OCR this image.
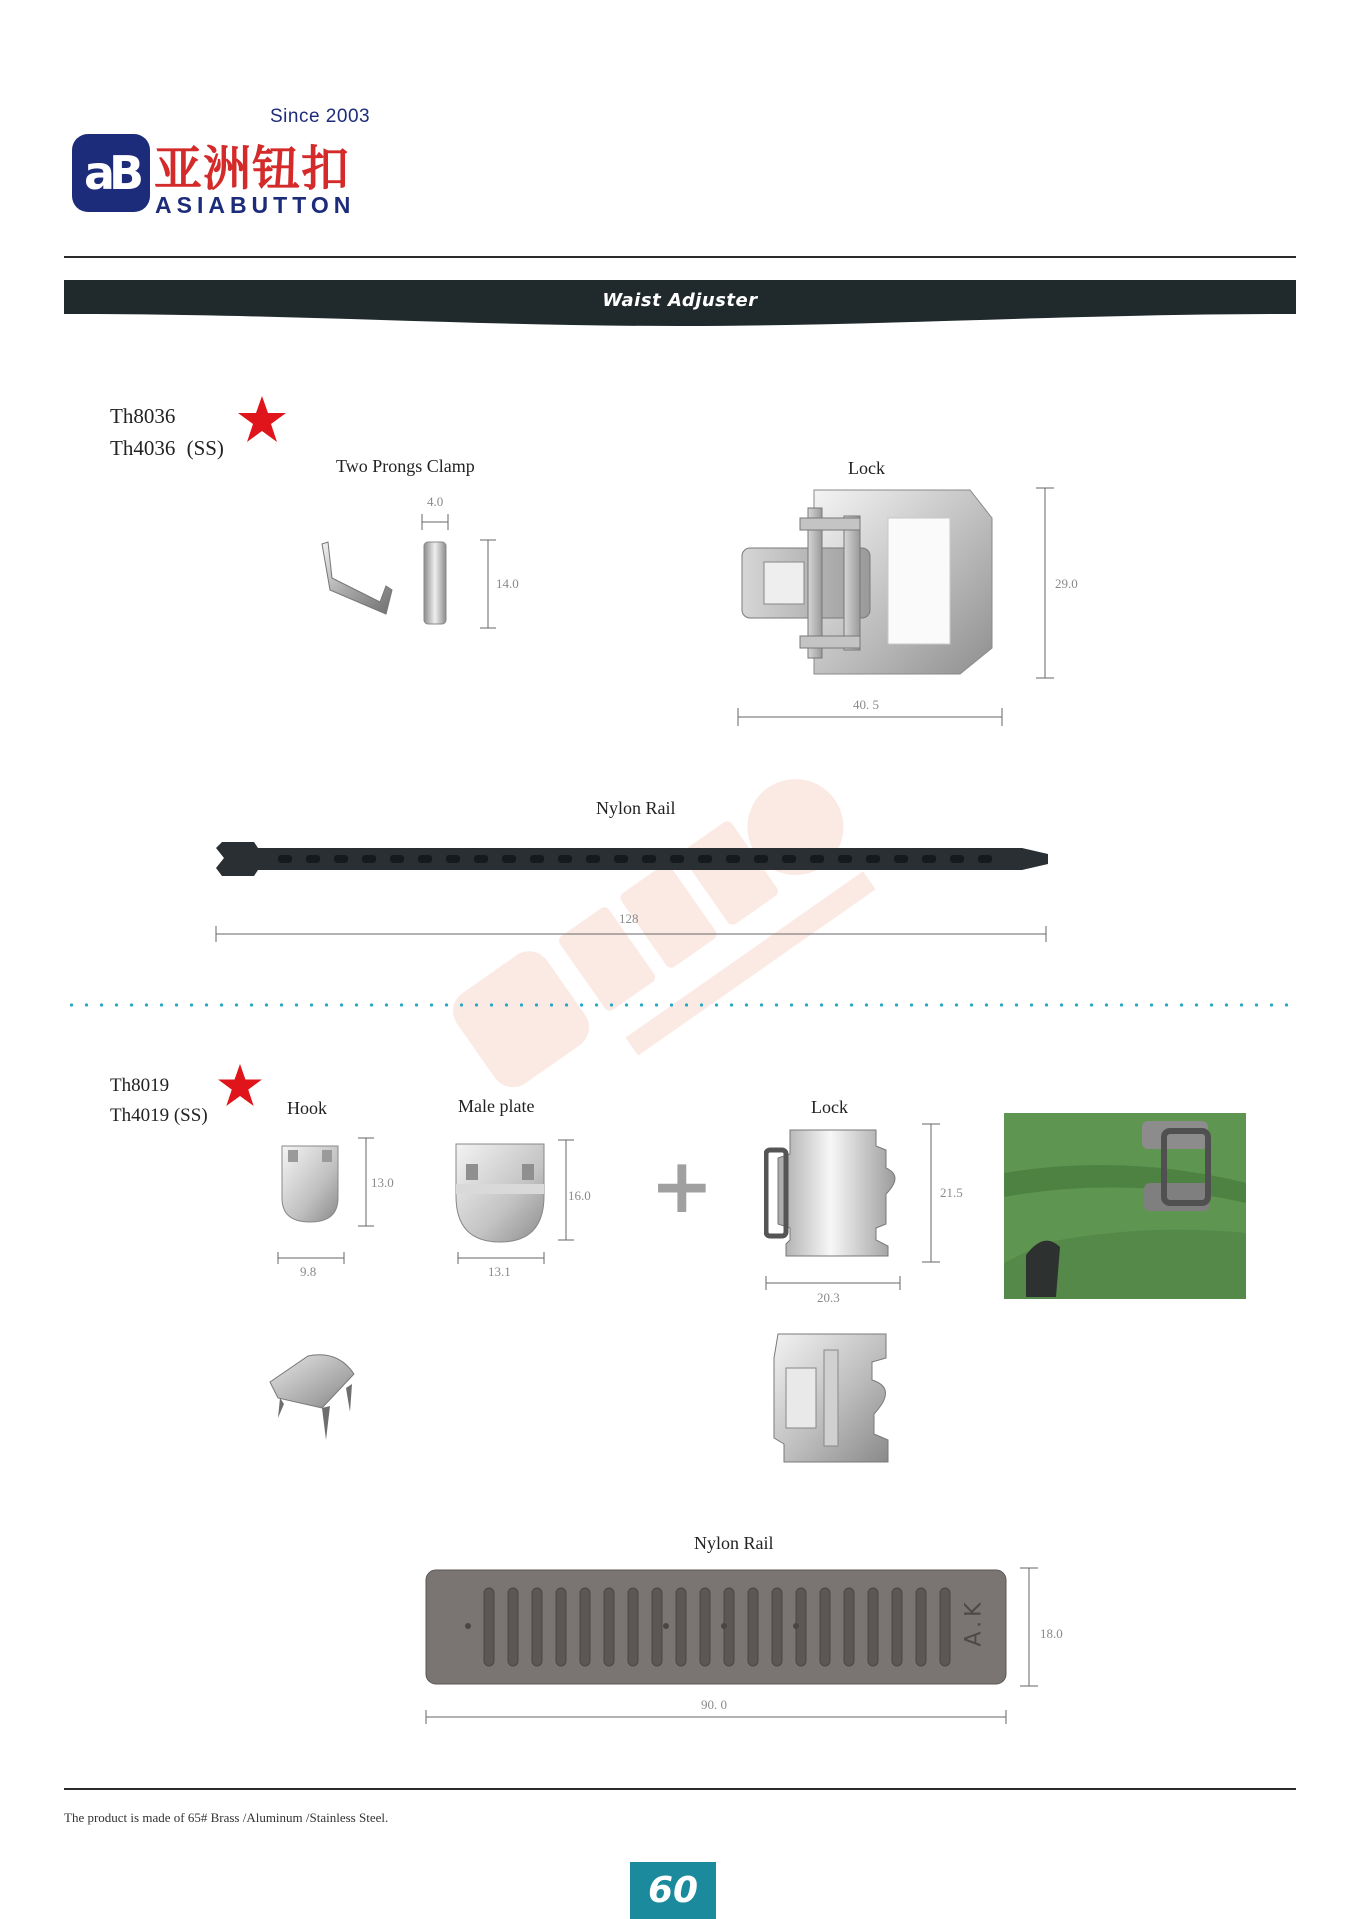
Since 2003
aB 亚洲钮扣
ASIABUTTON
Waist Adjuster
Th8036
Th4036 (SS)
Two Prongs Clamp
4.0
14.0
Lock
29.0
40. 5
Nylon Rail
128
Th8019
Th4019 (SS)	Hook
13.0
9.8
Male plate
16.0
13.1
+
Lock
21.5
20.3
Nylon Rail
A.K	18.0
90. 0
The product is made of 65# Brass /Aluminum /Stainless Steel.
60
